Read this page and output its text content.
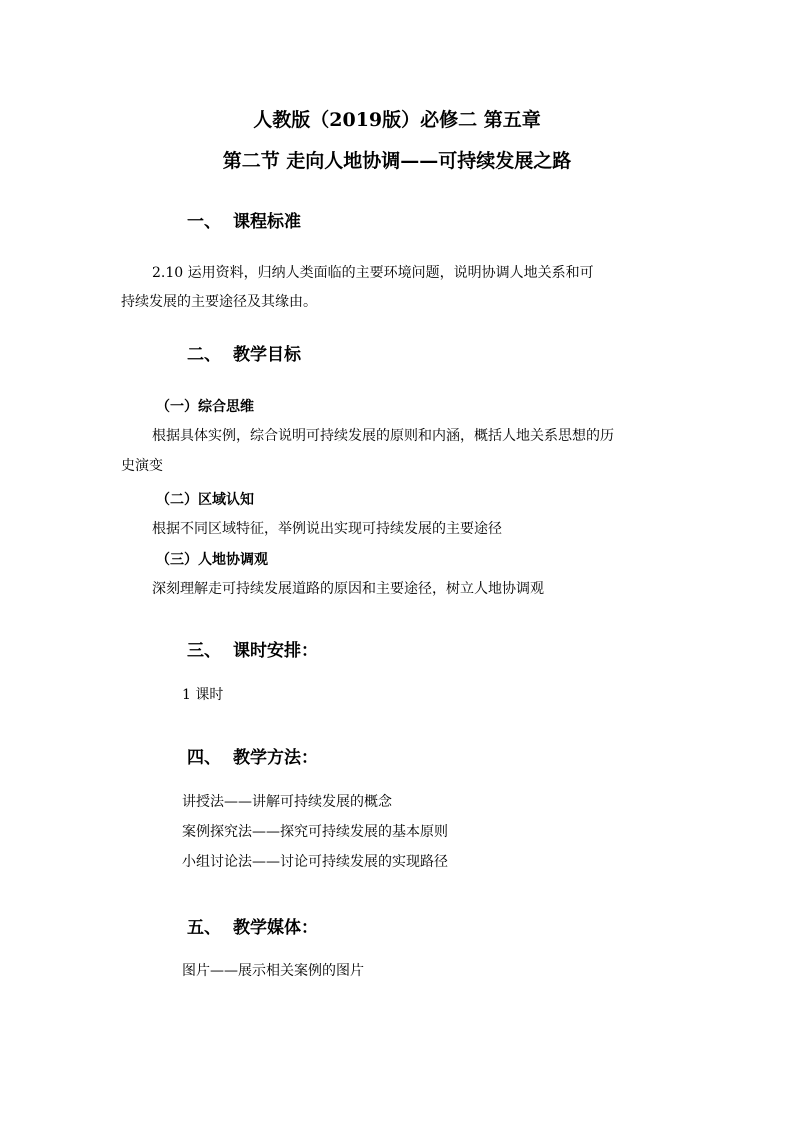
人教版（2019版）必修二 第五章
第二节 走向人地协调——可持续发展之路
一、 课程标准
2.10 运用资料，归纳人类面临的主要环境问题，说明协调人地关系和可
持续发展的主要途径及其缘由。
二、 教学目标
（一）综合思维
根据具体实例，综合说明可持续发展的原则和内涵，概括人地关系思想的历
史演变
（二）区域认知
根据不同区域特征，举例说出实现可持续发展的主要途径
（三）人地协调观
深刻理解走可持续发展道路的原因和主要途径，树立人地协调观
三、 课时安排：
1 课时
四、 教学方法：
讲授法——讲解可持续发展的概念
案例探究法——探究可持续发展的基本原则
小组讨论法——讨论可持续发展的实现路径
五、 教学媒体：
图片——展示相关案例的图片
